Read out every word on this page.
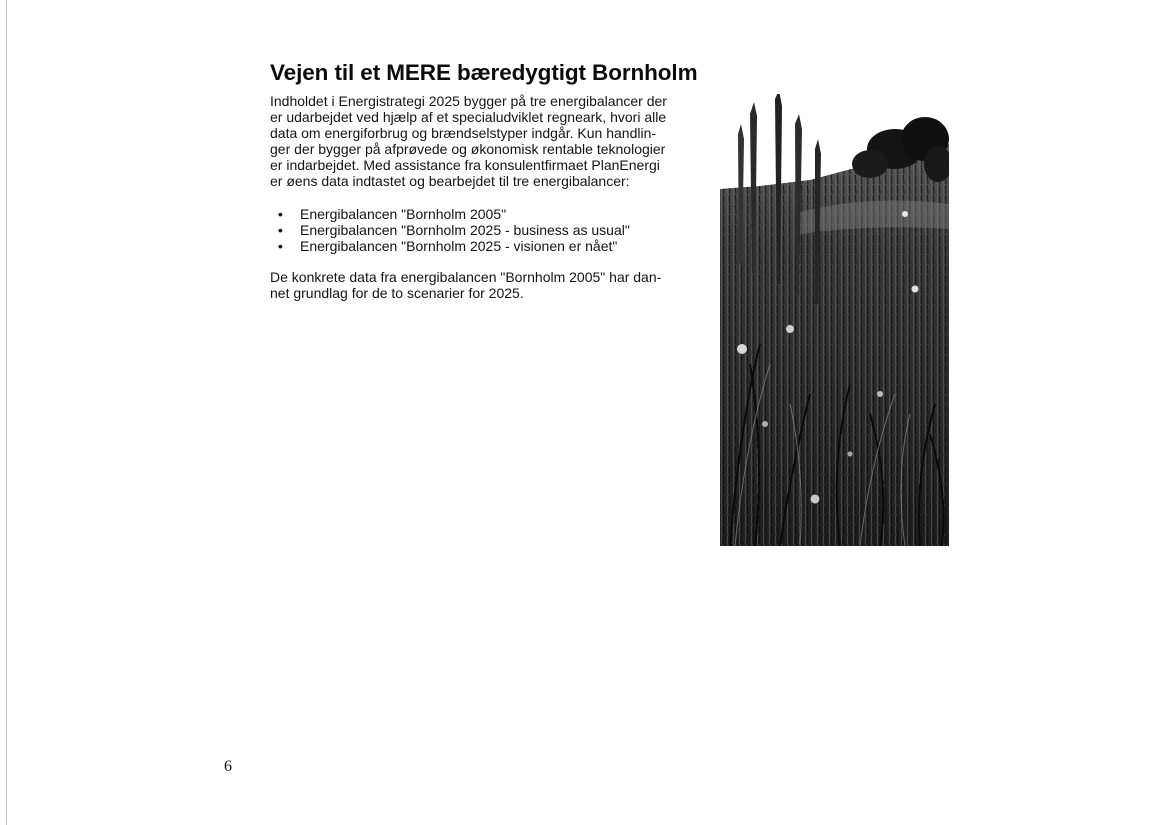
Vejen til et MERE bæredygtigt Bornholm

Indholdet i Energistrategi 2025 bygger på tre energibalancer der
er udarbejdet ved hjælp af et specialudviklet regneark, hvori alle
data om energiforbrug og brændselstyper indgår. Kun handlin-
ger der bygger på afprøvede og økonomisk rentable teknologier
er indarbejdet. Med assistance fra konsulentfirmaet PlanEnergi
er øens data indtastet og bearbejdet til tre energibalancer:

• Energibalancen "Bornholm 2005"
• Energibalancen "Bornholm 2025 - business as usual"
• Energibalancen "Bornholm 2025 - visionen er nået"

De konkrete data fra energibalancen "Bornholm 2005" har dan-
net grundlag for de to scenarier for 2025.

6
